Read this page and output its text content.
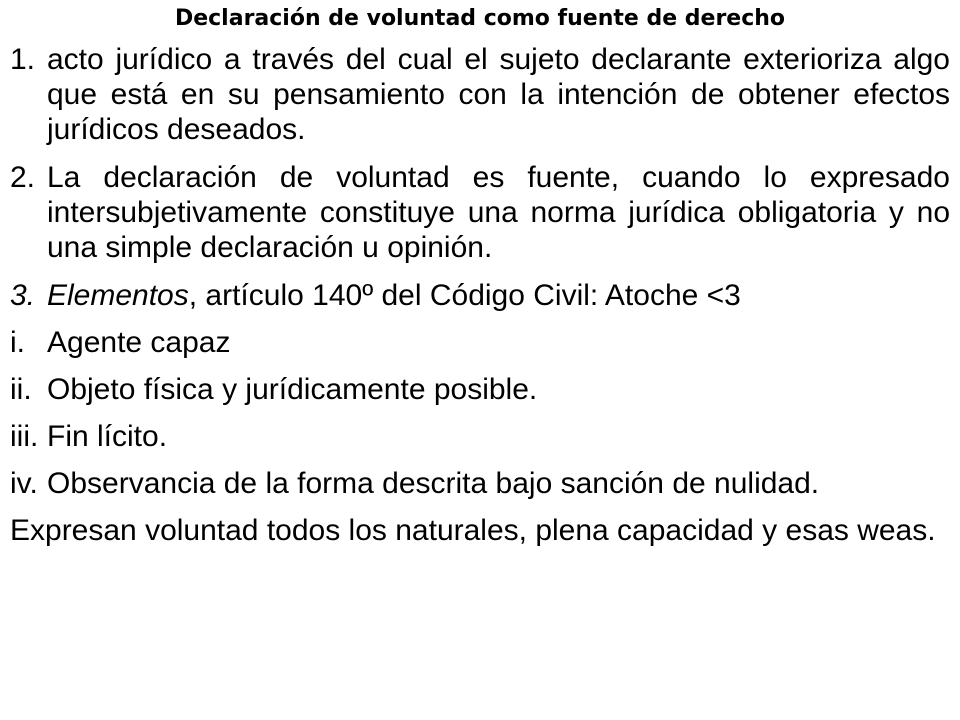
Declaración de voluntad como fuente de derecho
1. acto jurídico a través del cual el sujeto declarante exterioriza algo que está en su pensamiento con la intención de obtener efectos jurídicos deseados.
2. La declaración de voluntad es fuente, cuando lo expresado intersubjetivamente constituye una norma jurídica obligatoria y no una simple declaración u opinión.
3. Elementos, artículo 140º del Código Civil: Atoche <3
i. Agente capaz
ii. Objeto física y jurídicamente posible.
iii. Fin lícito.
iv. Observancia de la forma descrita bajo sanción de nulidad.
Expresan voluntad todos los naturales, plena capacidad y esas weas.
